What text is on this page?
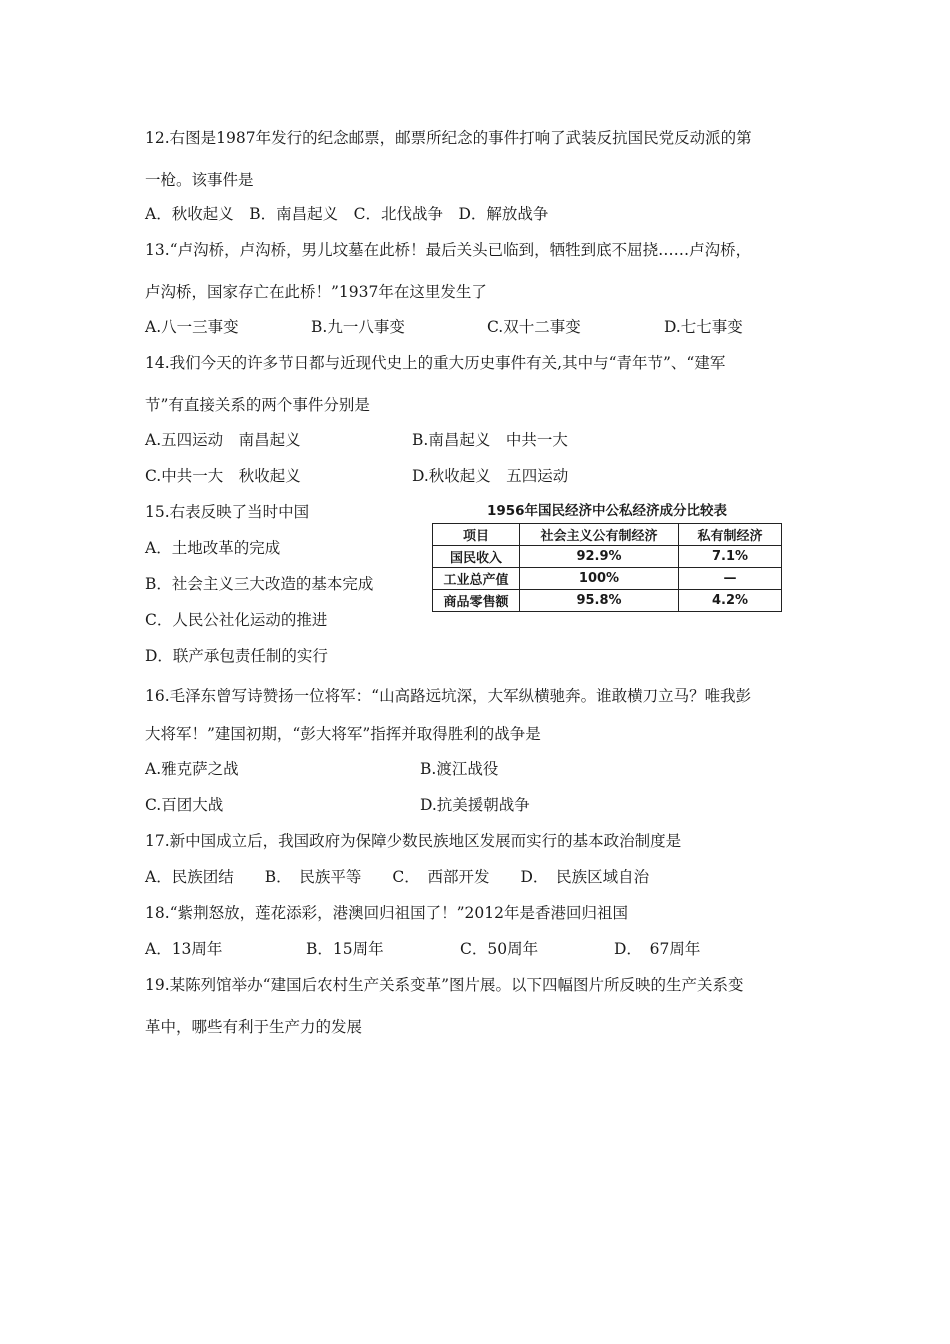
12.右图是1987年发行的纪念邮票，邮票所纪念的事件打响了武装反抗国民党反动派的第
一枪。该事件是
A．秋收起义　B．南昌起义　C．北伐战争　D．解放战争
13.“卢沟桥，卢沟桥，男儿坟墓在此桥！最后关头已临到，牺牲到底不屈挠……卢沟桥，
卢沟桥，国家存亡在此桥！”1937年在这里发生了
A.八一三事变	B.九一八事变	C.双十二事变	D.七七事变
14.我们今天的许多节日都与近现代史上的重大历史事件有关,其中与“青年节”、“建军
节”有直接关系的两个事件分别是
A.五四运动　南昌起义	B.南昌起义　中共一大
C.中共一大　秋收起义	D.秋收起义　五四运动
15.右表反映了当时中国
A．土地改革的完成
B．社会主义三大改造的基本完成
C．人民公社化运动的推进
D．联产承包责任制的实行
1956年国民经济中公私经济成分比较表
项目	社会主义公有制经济	私有制经济
国民收入	92.9%	7.1%
工业总产值	100%	—
商品零售额	95.8%	4.2%
16.毛泽东曾写诗赞扬一位将军：“山高路远坑深，大军纵横驰奔。谁敢横刀立马？唯我彭
大将军！”建国初期，“彭大将军”指挥并取得胜利的战争是
A.雅克萨之战	B.渡江战役
C.百团大战	D.抗美援朝战争
17.新中国成立后，我国政府为保障少数民族地区发展而实行的基本政治制度是
A．民族团结　　B．　民族平等　　C．　西部开发　　D．　民族区域自治
18.“紫荆怒放，莲花添彩，港澳回归祖国了！”2012年是香港回归祖国
A．13周年	B．15周年	C．50周年	D．　67周年
19.某陈列馆举办“建国后农村生产关系变革”图片展。以下四幅图片所反映的生产关系变
革中，哪些有利于生产力的发展
